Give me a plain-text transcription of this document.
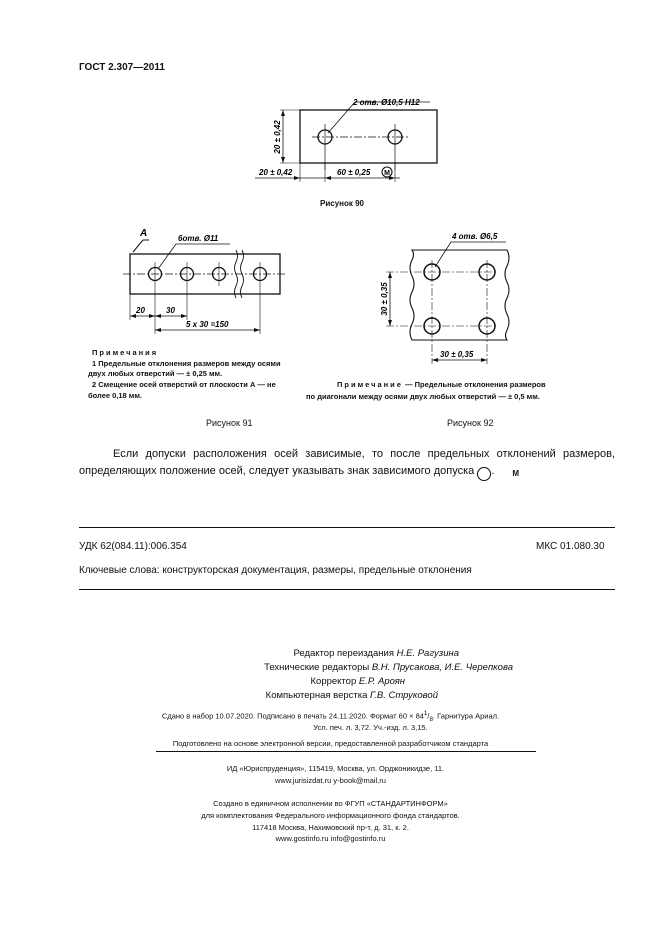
ГОСТ 2.307—2011
2 отв. Ø10,5 H12
20 ± 0,42
20 ± 0,42	60 ± 0,25 M
Рисунок 90
А	6отв. Ø11
20	30
5 x 30 =150
Примечания
1 Предельные отклонения размеров между осями
двух любых отверстий — ± 0,25 мм.
2 Смещение осей отверстий от плоскости А — не
более 0,18 мм.
Рисунок 91
4 отв. Ø6,5
30 ± 0,35
30 ± 0,35
Примечание — Предельные отклонения размеров
по диагонали между осями двух любых отверстий — ± 0,5 мм.
Рисунок 92
Если допуски расположения осей зависимые, то после предельных отклонений размеров, определяющих положение осей, следует указывать знак зависимого допуска	M.
УДК 62(084.11):006.354	МКС 01.080.30
Ключевые слова: конструкторская документация, размеры, предельные отклонения
Редактор переиздания Н.Е. Рагузина
Технические редакторы В.Н. Прусакова, И.Е. Черепкова
Корректор Е.Р. Ароян
Компьютерная верстка Г.В. Струковой
Сдано в набор 10.07.2020. Подписано в печать 24.11.2020. Формат $60 \times 84^1/_8$. Гарнитура Ариал.
Усл. печ. л. 3,72. Уч.-изд. л. 3,15.
Подготовлено на основе электронной версии, предоставленной разработчиком стандарта
ИД «Юриспруденция», 115419, Москва, ул. Орджоникидзе, 11.
www.jurisizdat.ru y-book@mail.ru
Создано в единичном исполнении во ФГУП «СТАНДАРТИНФОРМ»
для комплектования Федерального информационного фонда стандартов.
117418 Москва, Нахимовский пр-т, д. 31, к. 2.
www.gostinfo.ru info@gostinfo.ru
